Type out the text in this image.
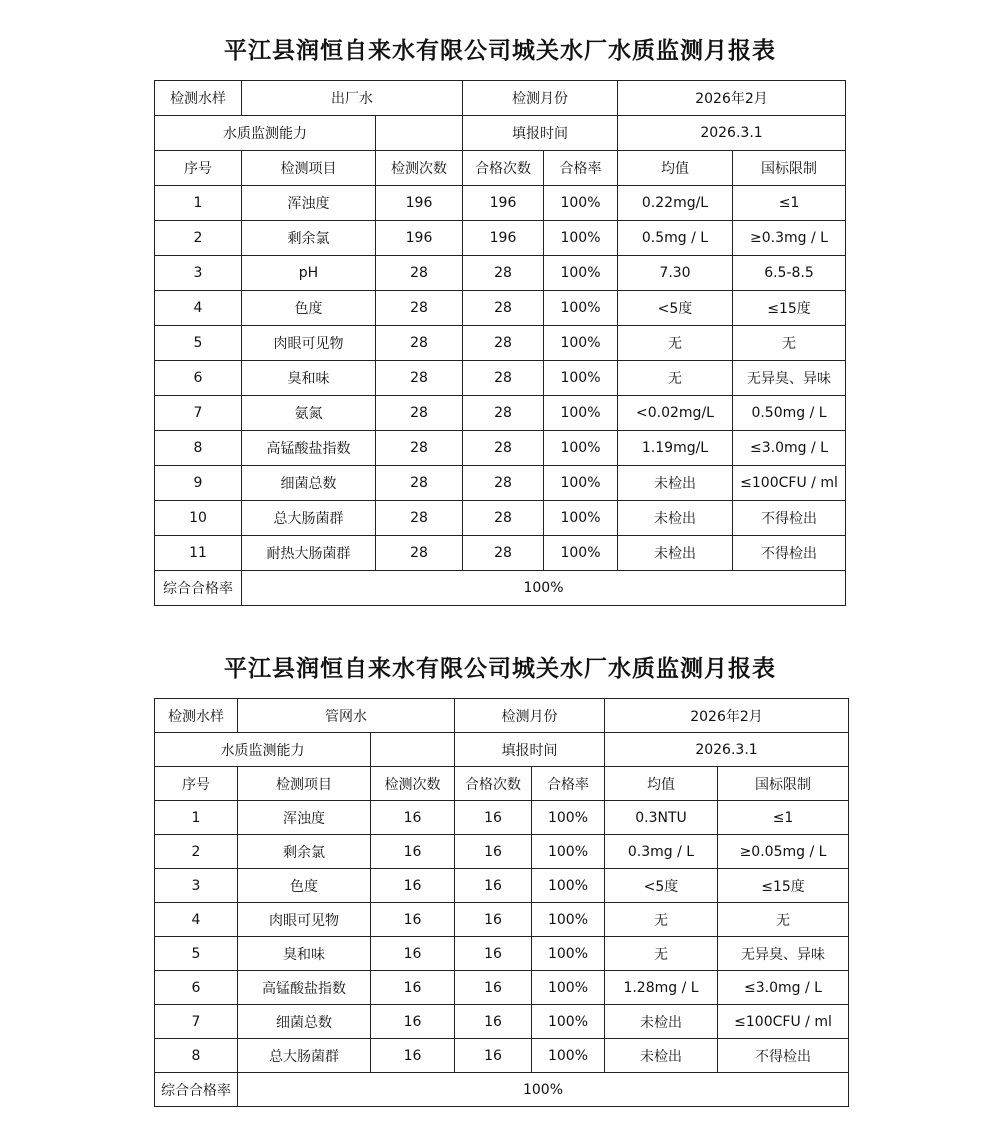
平江县润恒自来水有限公司城关水厂水质监测月报表
检测水样	出厂水		检测月份		2026年2月	
水质监测能力			填报时间		2026.3.1	
序号	检测项目	检测次数	合格次数	合格率	均值	国标限制
1	浑浊度	196	196	100%	0.22mg/L	≤1
2	剩余氯	196	196	100%	0.5mg / L	≥0.3mg / L
3	pH	28	28	100%	7.30	6.5-8.5
4	色度	28	28	100%	<5度	≤15度
5	肉眼可见物	28	28	100%	无	无
6	臭和味	28	28	100%	无	无异臭、异味
7	氨氮	28	28	100%	<0.02mg/L	0.50mg / L
8	高锰酸盐指数	28	28	100%	1.19mg/L	≤3.0mg / L
9	细菌总数	28	28	100%	未检出	≤100CFU / ml
10	总大肠菌群	28	28	100%	未检出	不得检出
11	耐热大肠菌群	28	28	100%	未检出	不得检出
综合合格率	100%					
平江县润恒自来水有限公司城关水厂水质监测月报表
检测水样	管网水		检测月份		2026年2月	
水质监测能力			填报时间		2026.3.1	
序号	检测项目	检测次数	合格次数	合格率	均值	国标限制
1	浑浊度	16	16	100%	0.3NTU	≤1
2	剩余氯	16	16	100%	0.3mg / L	≥0.05mg / L
3	色度	16	16	100%	<5度	≤15度
4	肉眼可见物	16	16	100%	无	无
5	臭和味	16	16	100%	无	无异臭、异味
6	高锰酸盐指数	16	16	100%	1.28mg / L	≤3.0mg / L
7	细菌总数	16	16	100%	未检出	≤100CFU / ml
8	总大肠菌群	16	16	100%	未检出	不得检出
综合合格率	100%					
